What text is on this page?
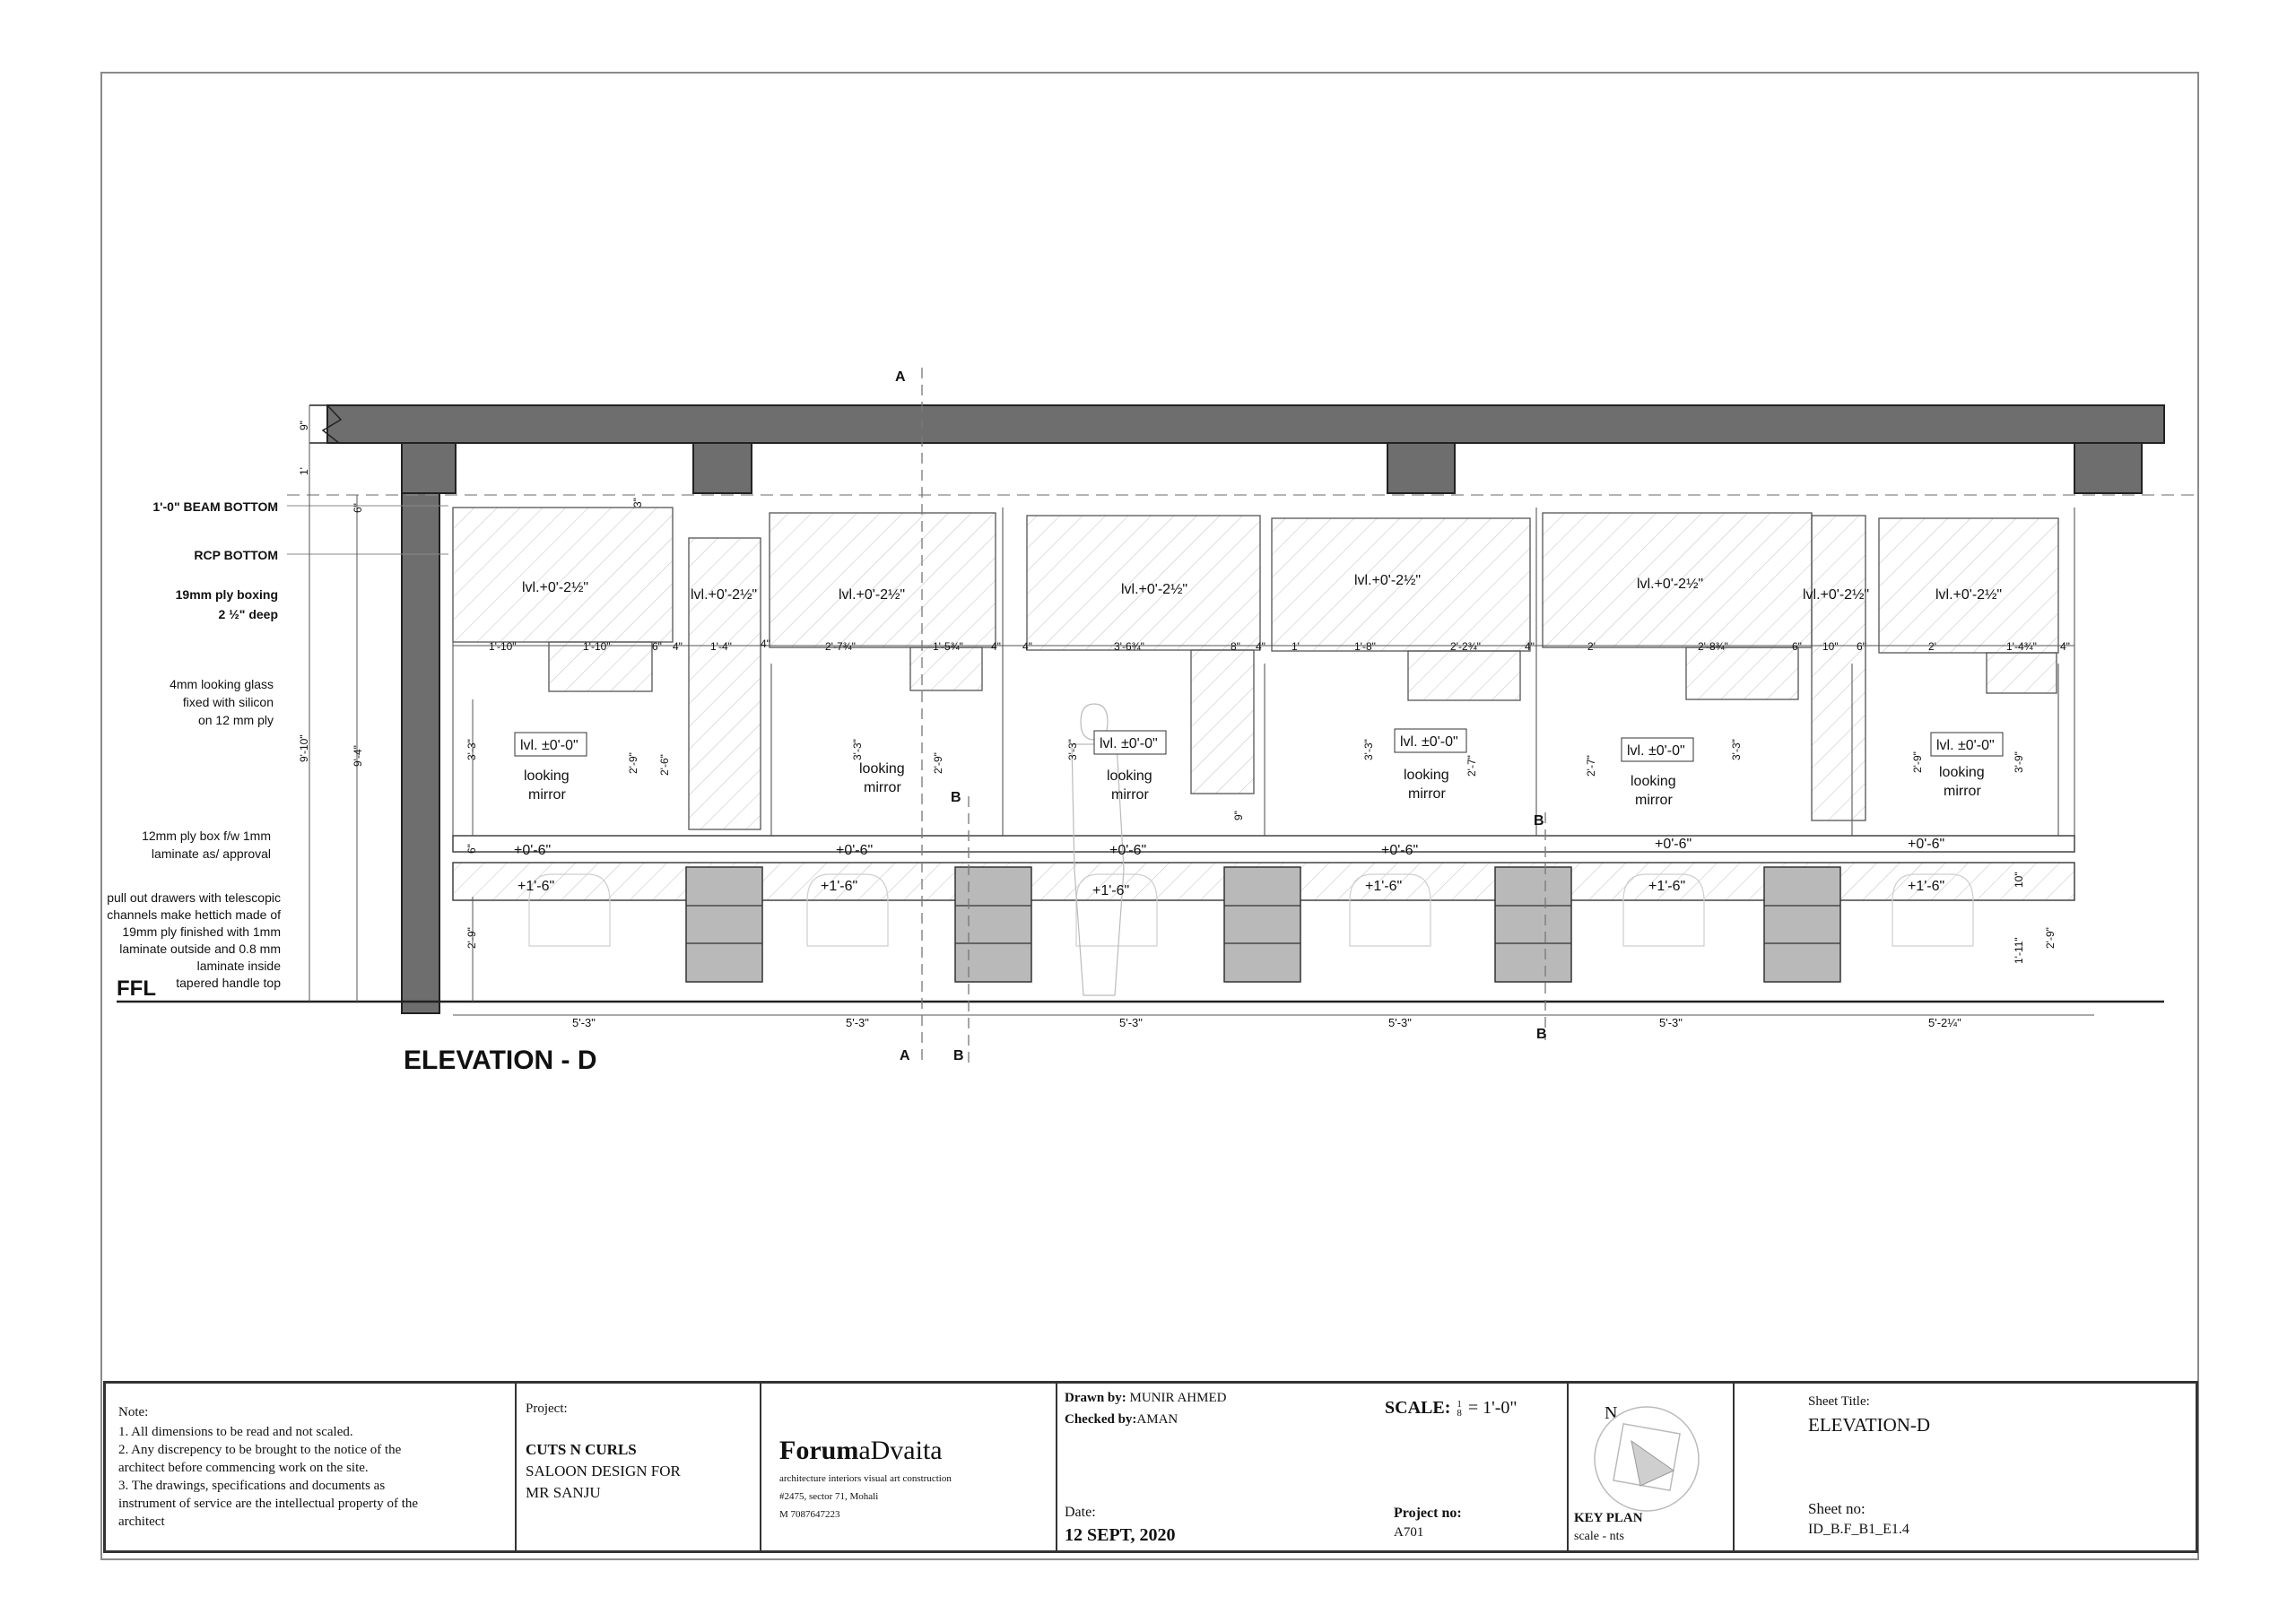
ELEVATION - D
FFL
A
A
B
B
B
B
lvl.+0'-2½"	lvl.+0'-2½"	lvl.+0'-2½"	lvl.+0'-2½"
lvl.+0'-2½"	lvl.+0'-2½"
lvl.+0'-2½"	lvl.+0'-2½"
lvl. ±0'-0"
looking
mirror
looking
mirror
lvl. ±0'-0"
looking
mirror
lvl. ±0'-0"
looking
mirror
lvl. ±0'-0"
looking
mirror
lvl. ±0'-0"
looking
mirror
+0'-6"	+0'-6"	+0'-6"	+0'-6"	+0'-6"	+0'-6"
+1'-6"	+1'-6"	+1'-6"	+1'-6"	+1'-6"	+1'-6"
5'-3"	5'-3"	5'-3"	5'-3"	5'-3"	5'-2¼"
1'-10"	1'-10"	6" 4"	1'-4"	4"	2'-7¾"	1'-5¾"	4" 4"	3'-6¾"	8" 4" 1'	1'-8"	2'-2¾"	4"	2'	2'-8¾"	6" 10" 6"	2'	1'-4¾" 4"
9"
1'
6"
3"
9'-10"	9'-4"	3'-3"
2'-9" 2'-6"
3'-3"
2'-9"
3'-3"
9"
3'-3"
2'-7"	2'-7"
3'-3"
2'-9"	3'-9"
6"
2'-9"
10"
1'-11" 2'-9"
1'-0" BEAM BOTTOM
RCP BOTTOM
19mm ply boxing
2 ½" deep
4mm looking glass
fixed with silicon
on 12 mm ply
12mm ply box f/w 1mm
laminate as/ approval
pull out drawers with telescopic
channels make hettich made of
19mm ply finished with 1mm
laminate outside and 0.8 mm
laminate inside
tapered handle top
Note:
1. All dimensions to be read and not scaled.
2. Any discrepency to be brought to the notice of the
architect before commencing work on the site.
3. The drawings, specifications and documents as
instrument of service are the intellectual property of the
architect
Project:
CUTS N CURLS
SALOON DESIGN FOR
MR SANJU
ForumaDvaita
architecture interiors visual art construction
#2475, sector 71, Mohali
M 7087647223
Drawn by: MUNIR AHMED
Checked by:AMAN
SCALE: 1
8 = 1'-0"
Date:
12 SEPT, 2020
Project no:
A701
N
KEY PLAN
scale - nts
Sheet Title:
ELEVATION-D
Sheet no:
ID_B.F_B1_E1.4
